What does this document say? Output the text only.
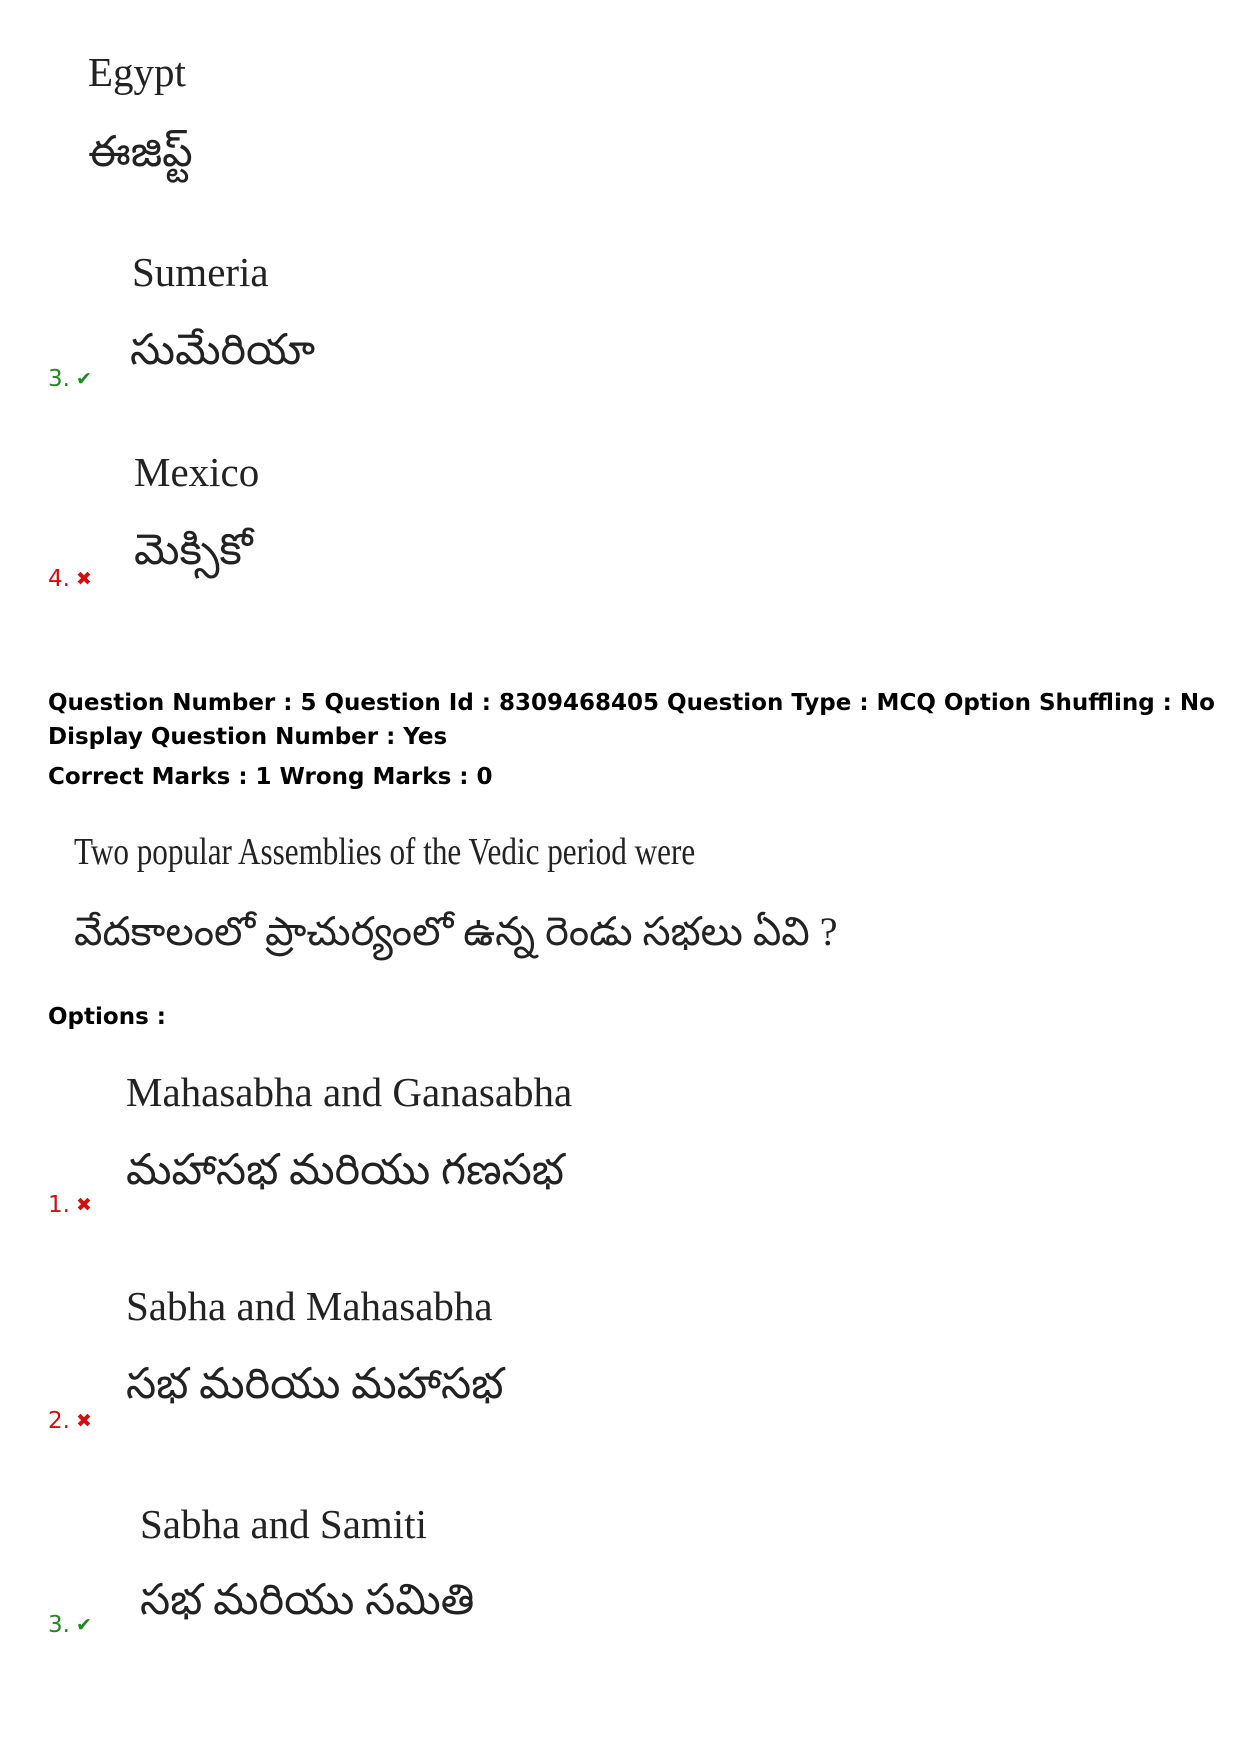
Egypt
ఈజిప్ట్
Sumeria
సుమేరియా
3. ✔
Mexico
మెక్సికో
4. ✖
Question Number : 5 Question Id : 8309468405 Question Type : MCQ Option Shuffling : No
Display Question Number : Yes
Correct Marks : 1 Wrong Marks : 0
Two popular Assemblies of the Vedic period were
వేదకాలంలో ప్రాచుర్యంలో ఉన్న రెండు సభలు ఏవి ?
Options :
Mahasabha and Ganasabha
మహాసభ మరియు గణసభ
1. ✖
Sabha and Mahasabha
సభ మరియు మహాసభ
2. ✖
Sabha and Samiti
సభ మరియు సమితి
3. ✔
